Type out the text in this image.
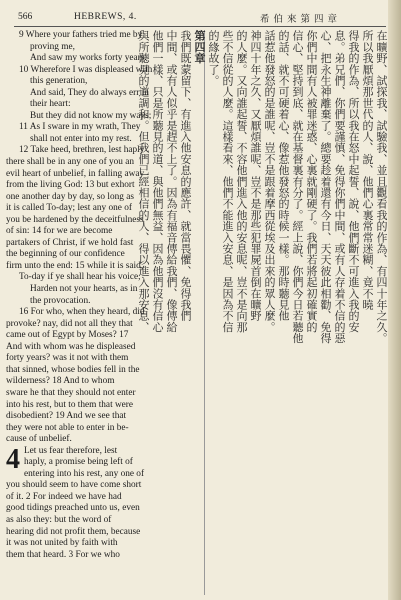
566	HEBREWS, 4.	希伯來第四章
9 Where your fathers tried me by
proving me,
And saw my works forty years.
10 Wherefore I was displeased with
this generation,
And said, They do always err in
their heart:
But they did not know my ways;
11 As I sware in my wrath, They
shall not enter into my rest.
12 Take heed, brethren, lest haply
there shall be in any one of you an
evil heart of unbelief, in falling away
from the living God: 13 but exhort
one another day by day, so long as
it is called To-day; lest any one of
you be hardened by the deceitfulness
of sin: 14 for we are become
partakers of Christ, if we hold fast
the beginning of our confidence
firm unto the end: 15 while it is said,
To-day if ye shall hear his voice,
Harden not your hearts, as in
the provocation.
16 For who, when they heard, did
provoke? nay, did not all they that
came out of Egypt by Moses? 17
And with whom was he displeased
forty years? was it not with them
that sinned, whose bodies fell in the
wilderness? 18 And to whom
sware he that they should not enter
into his rest, but to them that were
disobedient? 19 And we see that
they were not able to enter in be-
cause of unbelief.
4 Let us fear therefore, lest
haply, a promise being left of
entering into his rest, any one of
you should seem to have come short
of it. 2 For indeed we have had
good tidings preached unto us, even
as also they: but the word of
hearing did not profit them, because
it was not united by faith with
them that heard. 3 For we who
在曠野、試探我、試驗我、並且觀看我的作為、有四十年之久。
所以我厭煩那世代的人、說、他們心裏常常迷糊、竟不曉
得我的作為、所以我在怒中起誓、說、他們斷不可進入我的安
息。弟兄們、你們要謹慎、免得你們中間、或有人存着不信的惡
心、把永生神離棄了。總要趁着還有今日、天天彼此相勸、免得
你們中間有人被罪迷惑、心裏就剛硬了。我們若將起初確實的
信心、堅持到底、就在基督裏有分了。經上說、你們今日若聽他
的話、就不可硬着心、像惹他發怒的時候一樣。那時聽見他
話惹他發怒的是誰呢、豈不是跟着摩西從埃及出來的眾人麼。
神四十年之久、又厭煩誰呢、豈不是那些犯罪屍首倒在曠野
的人麼。又向誰起誓、不容他們進入他的安息呢、豈不是向那
些不信從的人麼。這樣看來、他們不能進入安息、是因為不信
的緣故了。
第四章
我們既蒙留下、有進入他安息的應許、就當畏懼、免得我們
中間、或有人似乎是趕不上了。因為有福音傳給我們、像傳給
他們一樣、只是所聽見的道、與他們無益、因為他們沒有信心
與所聽見的道調和。但我們已經相信的人、得以進入那安息、
